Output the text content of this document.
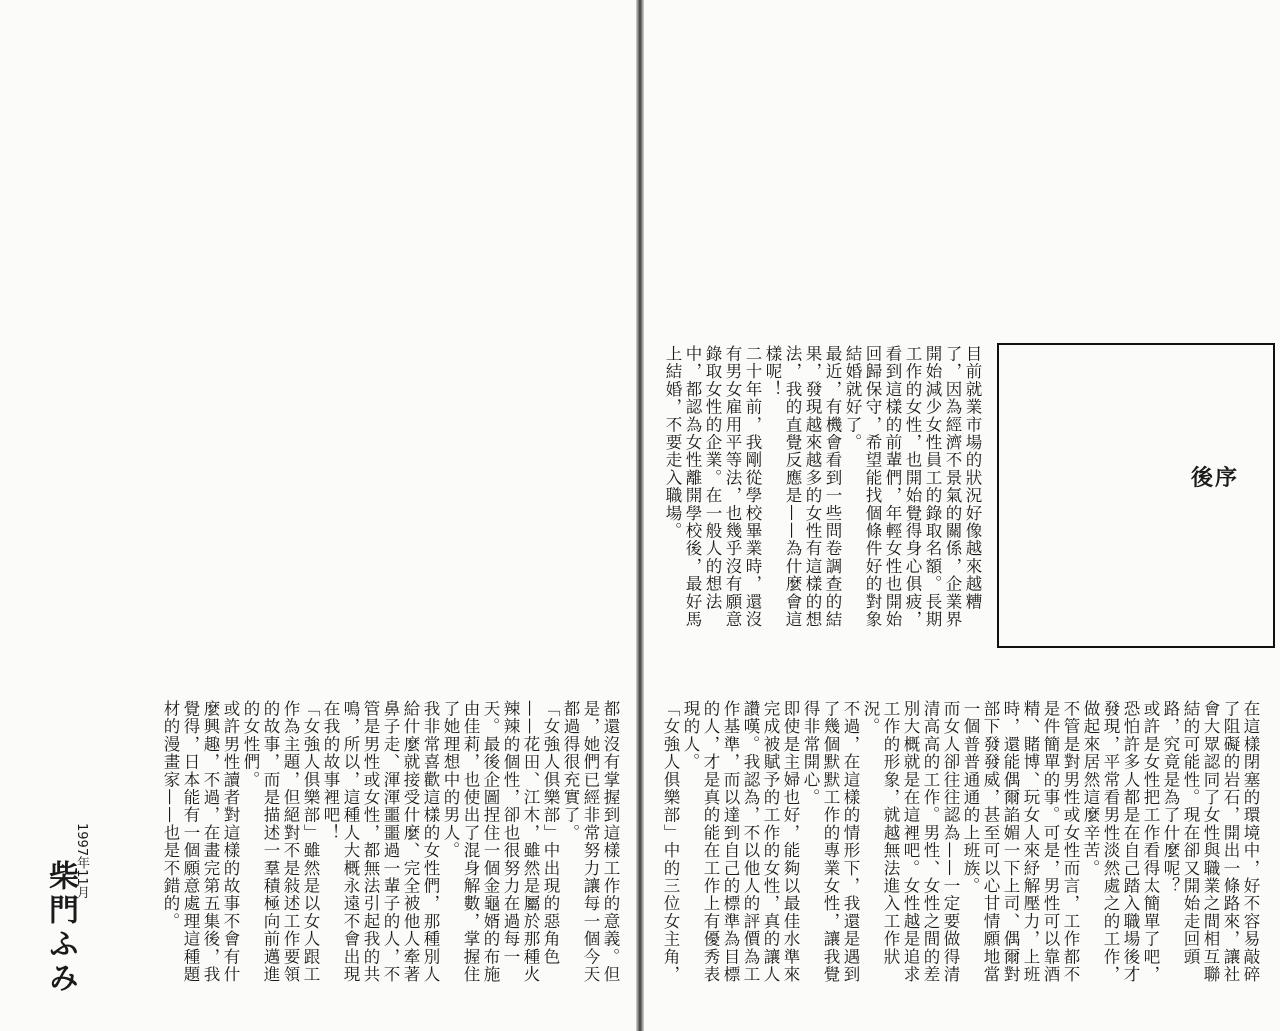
後序

目前就業市場的狀況好像越來越糟了，因為經濟不景氣的關係，企業界開始減少女性員工的錄取名額。長期工作的女性，也開始覺得身心俱疲，看到這樣的前輩們，年輕女性也開始回歸保守，希望能找個條件好的對象結婚就好了。

最近，有機會看到一些問卷調查的結果，發現越來越多的女性有這樣的想法，我的直覺反應是——為什麼會這樣呢！

二十年前，我剛從學校畢業時，還沒有男女雇用平等法，也幾乎沒有願意錄取女性的企業。在一般人的想法中，都認為女性離開學校後，最好馬上結婚，不要走入職場。

在這樣閉塞的環境中，好不容易敲碎了阻礙的岩石，開出一條路來，讓社會大眾認同了女性與職業之間相互聯結的可能性。現在卻又開始走回頭路，究竟是為了什麼呢？

或許是女性把工作看得太簡單了吧，恐怕許多人都是在自己踏入職場後才發現，平常看男性淡然處之的工作，做起來居然這麼辛苦。

不管是對男性或女性而言，工作都不是件簡單的事。可是，男性可以靠酒精、賭博、玩女人來紓解壓力，上班時，還能偶爾諂媚一下上司、偶爾對部下發發威，甚至可以心甘情願地當一個普普通通的上班族。

而女人卻往往認為——一定要做得清清高高的工作。男性、女性之間的差別大概就是在這裡吧。女性越是追求工作的形象，就越無法進入工作狀況。

不過，在這樣的情形下，我還是遇到了幾個默默工作的專業女性，讓我覺得非常開心。

即使是主婦也好，能夠以最佳水準來完成被賦予的工作的女性，真的讓人讚嘆。我認為，不以他人的評價為工作基準，而以達到自己的標準為目標的人，才是真的能在工作上有優秀表現的人。

「女強人俱樂部」中的三位女主角，

都還沒有掌握到這樣工作的意義。但是，她們已經非常努力讓每一個今天都過得很充實了。

「女強人俱樂部」中出現的惡角色——花田、江木，雖然是屬於那種火辣辣的個性，卻也很努力在過每一天。最後企圖捏住一個金龜婿的布施由佳莉，也使出了混身解數，掌握住了她理想中的男人。

我非常喜歡這樣的女性們，那種別人給什麼就接受什麼、完全被他人牽著鼻子走、渾渾噩噩過一輩子的人，不管是男性或女性，都無法引起我的共鳴，所以，這種人大概永遠不會出現在我的故事裡吧！

「女強人俱樂部」雖然是以女人跟工作為主題，但絕對不是敍述工作要領的故事，而是描述一羣積極向前邁進的女性們。

或許男性讀者對這樣的故事不會有什麼興趣，不過，在畫完第五集後，我覺得，日本能有一個願意處理這種題材的漫畫家——也是不錯的。

1997年11月
柴門ふみ
